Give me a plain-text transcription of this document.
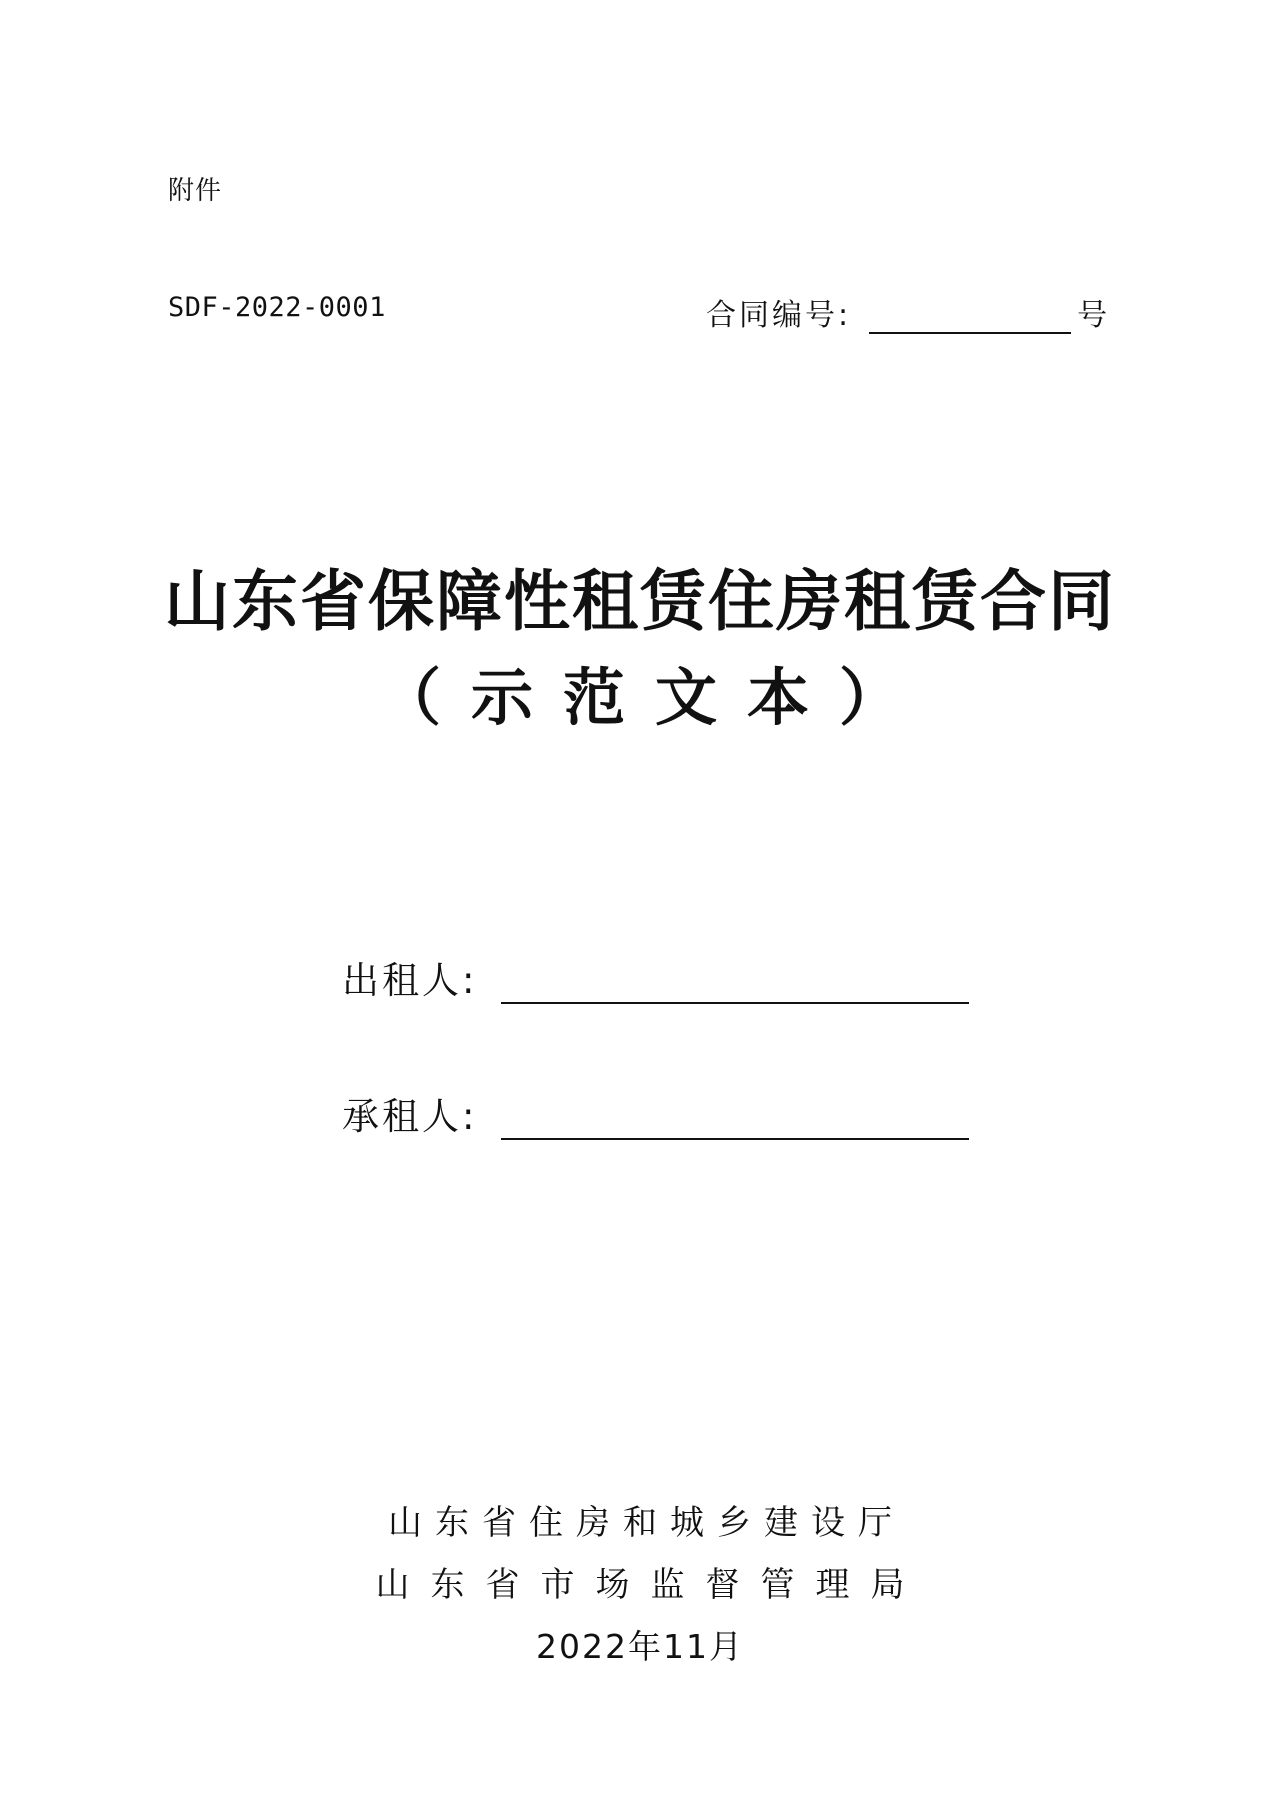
附件
SDF-2022-0001	合同编号:	号
山东省保障性租赁住房租赁合同
（示范文本）
出租人:
承租人:
山东省住房和城乡建设厅
山东省市场监督管理局
2022年11月
